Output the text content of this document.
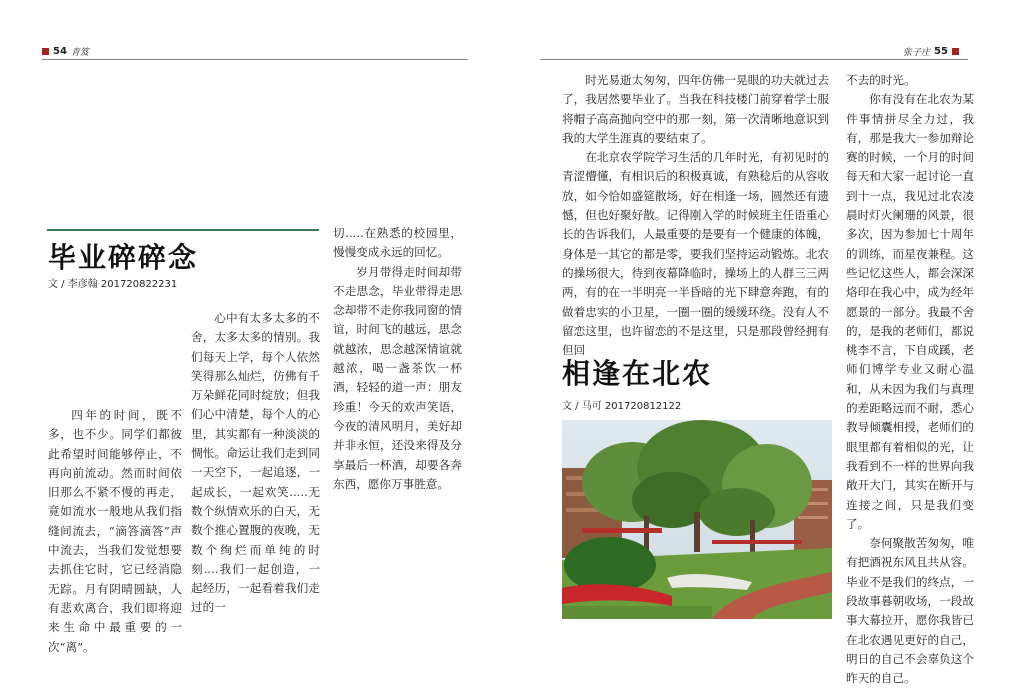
54 青笈
毕业碎碎念
文 / 李彦翰 201720822231

四年的时间，既不多，也不少。同学们都彼此希望时间能够停止，不再向前流动。然而时间依旧那么不紧不慢的再走，竟如流水一般地从我们指缝间流去，“滴答滴答”声中流去，当我们发觉想要去抓住它时，它已经消隐无踪。月有阴晴圆缺，人有悲欢离合，我们即将迎来生命中最重要的一次“离”。

心中有太多太多的不舍，太多太多的情别。我们每天上学，每个人依然笑得那么灿烂，仿佛有千万朵鲜花同时绽放；但我们心中清楚，每个人的心里，其实都有一种淡淡的惆怅。命运让我们走到同一天空下，一起追逐，一起成长，一起欢笑.....无数个纵情欢乐的白天，无数个推心置腹的夜晚，无数个绚烂而单纯的时刻....我们一起创造，一起经历，一起看着我们走过的一

切.....在熟悉的校园里，慢慢变成永远的回忆。

岁月带得走时间却带不走思念，毕业带得走思念却带不走你我同窗的情谊，时间飞的越远，思念就越浓，思念越深情谊就越浓，喝一盏茶饮一杯酒，轻轻的道一声：朋友珍重！今天的欢声笑语，今夜的清风明月，美好却并非永恒，还没来得及分享最后一杯酒，却要各奔东西，愿你万事胜意。

张子庄 55

时光易逝太匆匆，四年仿佛一晃眼的功夫就过去了，我居然要毕业了。当我在科技楼门前穿着学士服将帽子高高抛向空中的那一刻，第一次清晰地意识到我的大学生涯真的要结束了。

在北京农学院学习生活的几年时光，有初见时的青涩懵懂，有相识后的积极真诚，有熟稔后的从容收放，如今恰如盛筵散场，好在相逢一场，圆然还有遗憾，但也好聚好散。记得刚入学的时候班主任语重心长的告诉我们，人最重要的是要有一个健康的体魄，身体是一其它的都是零，要我们坚持运动锻炼。北农的操场很大，待到夜幕降临时，操场上的人群三三两两，有的在一半明亮一半昏暗的光下肆意奔跑，有的做着忠实的小卫星，一圈一圈的缓缓环绕。没有人不留恋这里，也许留恋的不是这里，只是那段曾经拥有但回

相逢在北农
文 / 马可 201720812122

不去的时光。

你有没有在北农为某件事情拼尽全力过，我有，那是我大一参加辩论赛的时候，一个月的时间每天和大家一起讨论一直到十一点，我见过北农凌晨时灯火阑珊的风景，很多次，因为参加七十周年的训练，而星夜兼程。这些记忆这些人，都会深深烙印在我心中，成为经年愿景的一部分。我最不舍的，是我的老师们，都说桃李不言，下自成蹊，老师们博学专业又耐心温和，从未因为我们与真理的差距略远而不耐，悉心教导倾囊相授，老师们的眼里都有着相似的光，让我看到不一样的世界向我敞开大门，其实在断开与连接之间，只是我们变了。

奈何聚散苦匆匆，唯有把酒祝东风且共从容。毕业不是我们的终点，一段故事暮朝收场，一段故事大幕拉开，愿你我皆已在北农遇见更好的自己，明日的自己不会辜负这个昨天的自己。
